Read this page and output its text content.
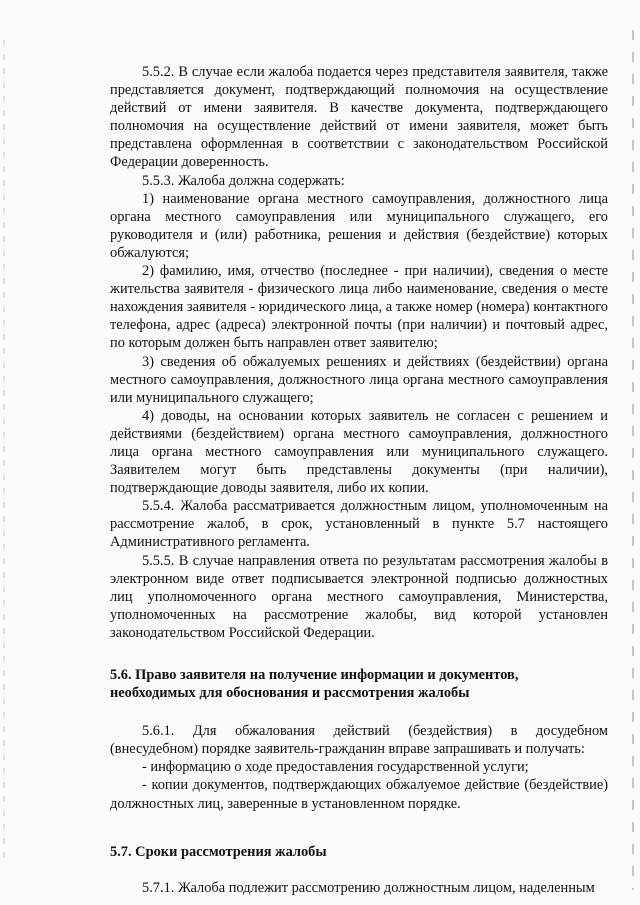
5.5.2. В случае если жалоба подается через представителя заявителя, также представляется документ, подтверждающий полномочия на осуществление действий от имени заявителя. В качестве документа, подтверждающего полномочия на осуществление действий от имени заявителя, может быть представлена оформленная в соответствии с законодательством Российской Федерации доверенность.

5.5.3. Жалоба должна содержать:

1) наименование органа местного самоуправления, должностного лица органа местного самоуправления или муниципального служащего, его руководителя и (или) работника, решения и действия (бездействие) которых обжалуются;

2) фамилию, имя, отчество (последнее - при наличии), сведения о месте жительства заявителя - физического лица либо наименование, сведения о месте нахождения заявителя - юридического лица, а также номер (номера) контактного телефона, адрес (адреса) электронной почты (при наличии) и почтовый адрес, по которым должен быть направлен ответ заявителю;

3) сведения об обжалуемых решениях и действиях (бездействии) органа местного самоуправления, должностного лица органа местного самоуправления или муниципального служащего;

4) доводы, на основании которых заявитель не согласен с решением и действиями (бездействием) органа местного самоуправления, должностного лица органа местного самоуправления или муниципального служащего. Заявителем могут быть представлены документы (при наличии), подтверждающие доводы заявителя, либо их копии.

5.5.4. Жалоба рассматривается должностным лицом, уполномоченным на рассмотрение жалоб, в срок, установленный в пункте 5.7 настоящего Административного регламента.

5.5.5. В случае направления ответа по результатам рассмотрения жалобы в электронном виде ответ подписывается электронной подписью должностных лиц уполномоченного органа местного самоуправления, Министерства, уполномоченных на рассмотрение жалобы, вид которой установлен законодательством Российской Федерации.

5.6. Право заявителя на получение информации и документов,
необходимых для обоснования и рассмотрения жалобы

5.6.1. Для обжалования действий (бездействия) в досудебном (внесудебном) порядке заявитель-гражданин вправе запрашивать и получать:

- информацию о ходе предоставления государственной услуги;

- копии документов, подтверждающих обжалуемое действие (бездействие) должностных лиц, заверенные в установленном порядке.

5.7. Сроки рассмотрения жалобы

5.7.1. Жалоба подлежит рассмотрению должностным лицом, наделенным
